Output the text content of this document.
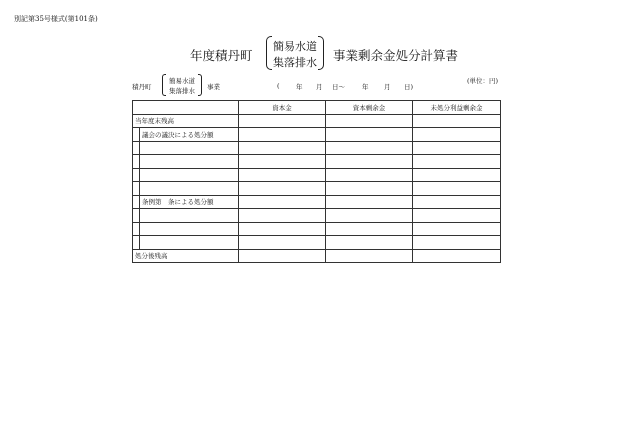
別記第35号様式(第101条)
年度積丹町
簡易水道
集落排水 事業剰余金処分計算書
積丹町
簡易水道
集落排水	事業	(	年 月 日～	年 月 日)
(単位：円)
		資本金	資本剰余金	未処分利益剰余金
当年度末残高				
	議会の議決による処分額			

	条例第　条による処分額			

処分後残高				
